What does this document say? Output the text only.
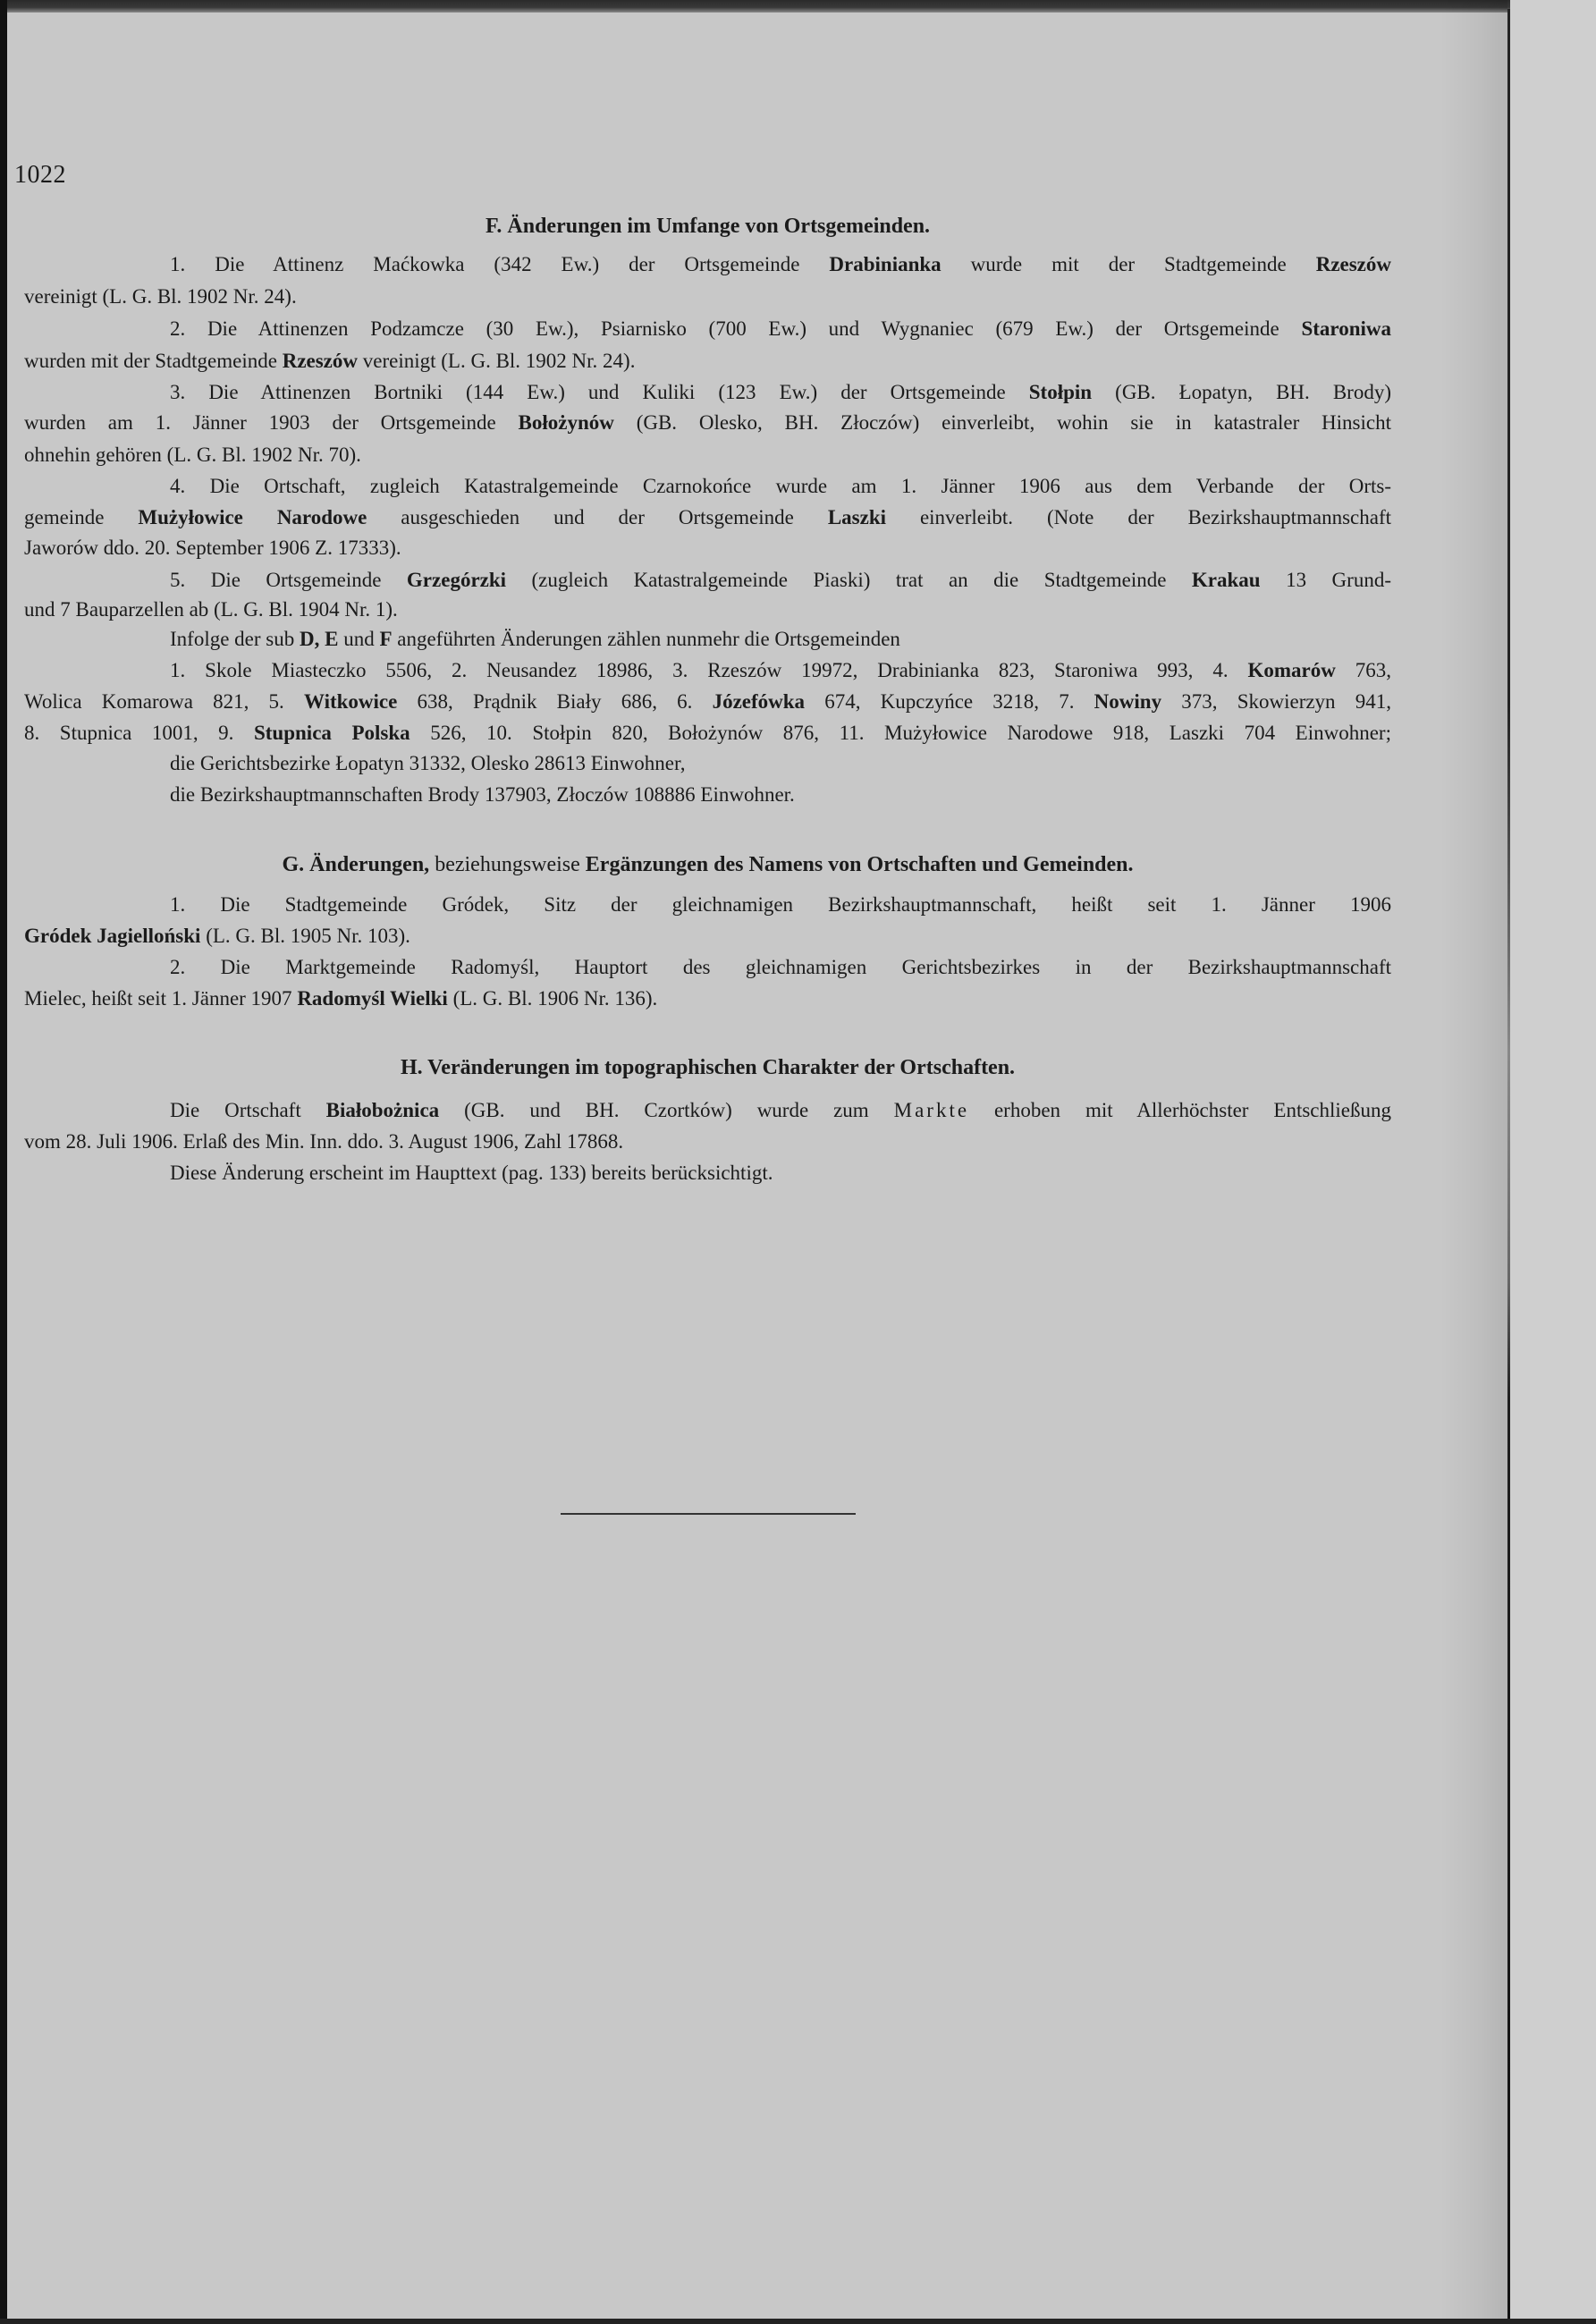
1022
F. Änderungen im Umfange von Ortsgemeinden.
1. Die Attinenz Maćkowka (342 Ew.) der Ortsgemeinde Drabinianka wurde mit der Stadtgemeinde Rzeszów
vereinigt (L. G. Bl. 1902 Nr. 24).
2. Die Attinenzen Podzamcze (30 Ew.), Psiarnisko (700 Ew.) und Wygnaniec (679 Ew.) der Ortsgemeinde Staroniwa
wurden mit der Stadtgemeinde Rzeszów vereinigt (L. G. Bl. 1902 Nr. 24).
3. Die Attinenzen Bortniki (144 Ew.) und Kuliki (123 Ew.) der Ortsgemeinde Stołpin (GB. Łopatyn, BH. Brody)
wurden am 1. Jänner 1903 der Ortsgemeinde Bołożynów (GB. Olesko, BH. Złoczów) einverleibt, wohin sie in katastraler Hinsicht
ohnehin gehören (L. G. Bl. 1902 Nr. 70).
4. Die Ortschaft, zugleich Katastralgemeinde Czarnokońce wurde am 1. Jänner 1906 aus dem Verbande der Orts-
gemeinde Mużyłowice Narodowe ausgeschieden und der Ortsgemeinde Laszki einverleibt. (Note der Bezirkshauptmannschaft
Jaworów ddo. 20. September 1906 Z. 17333).
5. Die Ortsgemeinde Grzegórzki (zugleich Katastralgemeinde Piaski) trat an die Stadtgemeinde Krakau 13 Grund-
und 7 Bauparzellen ab (L. G. Bl. 1904 Nr. 1).
Infolge der sub D, E und F angeführten Änderungen zählen nunmehr die Ortsgemeinden
1. Skole Miasteczko 5506, 2. Neusandez 18986, 3. Rzeszów 19972, Drabinianka 823, Staroniwa 993, 4. Komarów 763,
Wolica Komarowa 821, 5. Witkowice 638, Prądnik Biały 686, 6. Józefówka 674, Kupczyńce 3218, 7. Nowiny 373, Skowierzyn 941,
8. Stupnica 1001, 9. Stupnica Polska 526, 10. Stołpin 820, Bołożynów 876, 11. Mużyłowice Narodowe 918, Laszki 704 Einwohner;
die Gerichtsbezirke Łopatyn 31332, Olesko 28613 Einwohner,
die Bezirkshauptmannschaften Brody 137903, Złoczów 108886 Einwohner.
G. Änderungen, beziehungsweise Ergänzungen des Namens von Ortschaften und Gemeinden.
1. Die Stadtgemeinde Gródek, Sitz der gleichnamigen Bezirkshauptmannschaft, heißt seit 1. Jänner 1906
Gródek Jagielloński (L. G. Bl. 1905 Nr. 103).
2. Die Marktgemeinde Radomyśl, Hauptort des gleichnamigen Gerichtsbezirkes in der Bezirkshauptmannschaft
Mielec, heißt seit 1. Jänner 1907 Radomyśl Wielki (L. G. Bl. 1906 Nr. 136).
H. Veränderungen im topographischen Charakter der Ortschaften.
Die Ortschaft Białobożnica (GB. und BH. Czortków) wurde zum Markte erhoben mit Allerhöchster Entschließung
vom 28. Juli 1906. Erlaß des Min. Inn. ddo. 3. August 1906, Zahl 17868.
Diese Änderung erscheint im Haupttext (pag. 133) bereits berücksichtigt.
